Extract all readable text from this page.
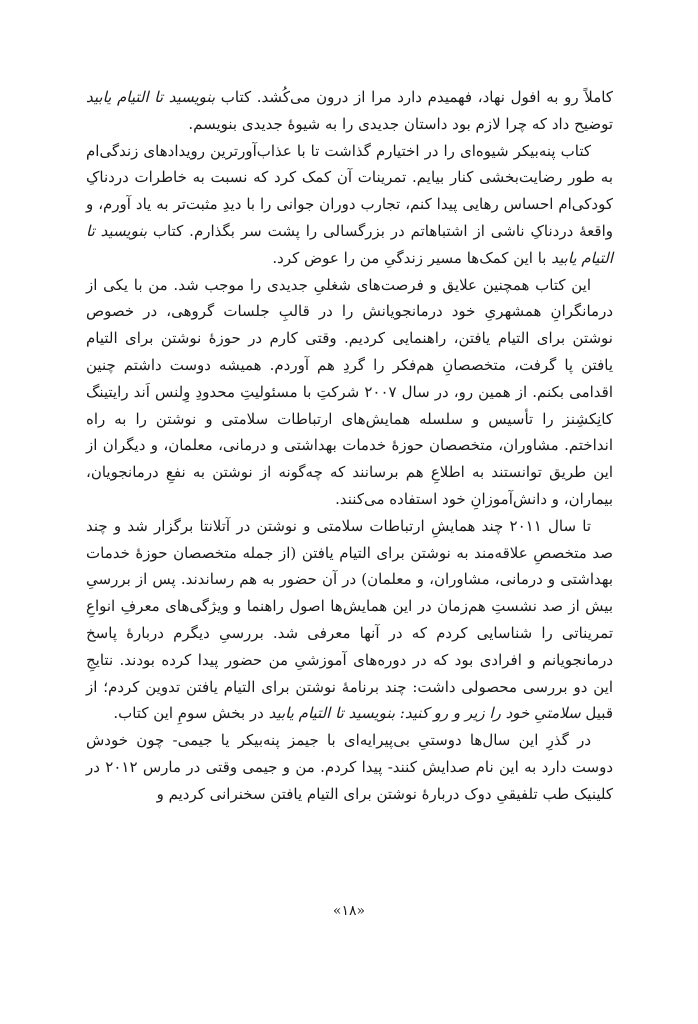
کاملاً رو به افول نهاد، فهمیدم دارد مرا از درون می‌کُشد. کتاب بنویسید تا التیام یابید توضیح داد که چرا لازم بود داستان جدیدی را به شیوهٔ جدیدی بنویسم.

کتاب پنه‌بیکر شیوه‌ای را در اختیارم گذاشت تا با عذاب‌آورترین رویدادهای زندگی‌ام به طور رضایت‌بخشی کنار بیایم. تمرینات آن کمک کرد که نسبت به خاطرات دردناکِ کودکی‌ام احساس رهایی پیدا کنم، تجارب دوران جوانی را با دیدِ مثبت‌تر به یاد آورم، و واقعهٔ دردناکِ ناشی از اشتباهاتم در بزرگسالی را پشت سر بگذارم. کتاب بنویسید تا التیام یابید با این کمک‌ها مسیر زندگیِ من را عوض کرد.

این کتاب همچنین علایق و فرصت‌های شغلیِ جدیدی را موجب شد. من با یکی از درمانگرانِ همشهریِ خود درمانجویانش را در قالبِ جلسات گروهی، در خصوص نوشتن برای التیام یافتن، راهنمایی کردیم. وقتی کارم در حوزهٔ نوشتن برای التیام یافتن پا گرفت، متخصصانِ هم‌فکر را گردِ هم آوردم. همیشه دوست داشتم چنین اقدامی بکنم. از همین رو، در سال ۲۰۰۷ شرکتِ با مسئولیتِ محدودِ وِلنس اَند رایتینگ کانِکشِنز را تأسیس و سلسله همایش‌های ارتباطات سلامتی و نوشتن را به راه انداختم. مشاوران، متخصصان حوزهٔ خدمات بهداشتی و درمانی، معلمان، و دیگران از این طریق توانستند به اطلاعِ هم برسانند که چه‌گونه از نوشتن به نفعِ درمانجویان، بیماران، و دانش‌آموزانِ خود استفاده می‌کنند.

تا سال ۲۰۱۱ چند همایشِ ارتباطات سلامتی و نوشتن در آتلانتا برگزار شد و چند صد متخصصِ علاقه‌مند به نوشتن برای التیام یافتن (از جمله متخصصان حوزهٔ خدمات بهداشتی و درمانی، مشاوران، و معلمان) در آن حضور به هم رساندند. پس از بررسیِ بیش از صد نشستِ هم‌زمان در این همایش‌ها اصول راهنما و ویژگی‌های معرفِ انواعِ تمریناتی را شناسایی کردم که در آنها معرفی شد. بررسیِ دیگرم دربارهٔ پاسخ درمانجویانم و افرادی بود که در دوره‌های آموزشیِ من حضور پیدا کرده بودند. نتایجِ این دو بررسی محصولی داشت: چند برنامهٔ نوشتن برای التیام یافتن تدوین کردم؛ از قبیل سلامتیِ خود را زیر و رو کنید: بنویسید تا التیام یابید در بخش سومِ این کتاب.

در گذرِ این سال‌ها دوستیِ بی‌پیرایه‌ای با جیمز پنه‌بیکر یا جیمی- چون خودش دوست دارد به این نام صدایش کنند- پیدا کردم. من و جیمی وقتی در مارس ۲۰۱۲ در کلینیک طب تلفیقیِ دوک دربارهٔ نوشتن برای التیام یافتن سخنرانی کردیم و

«۱۸»
